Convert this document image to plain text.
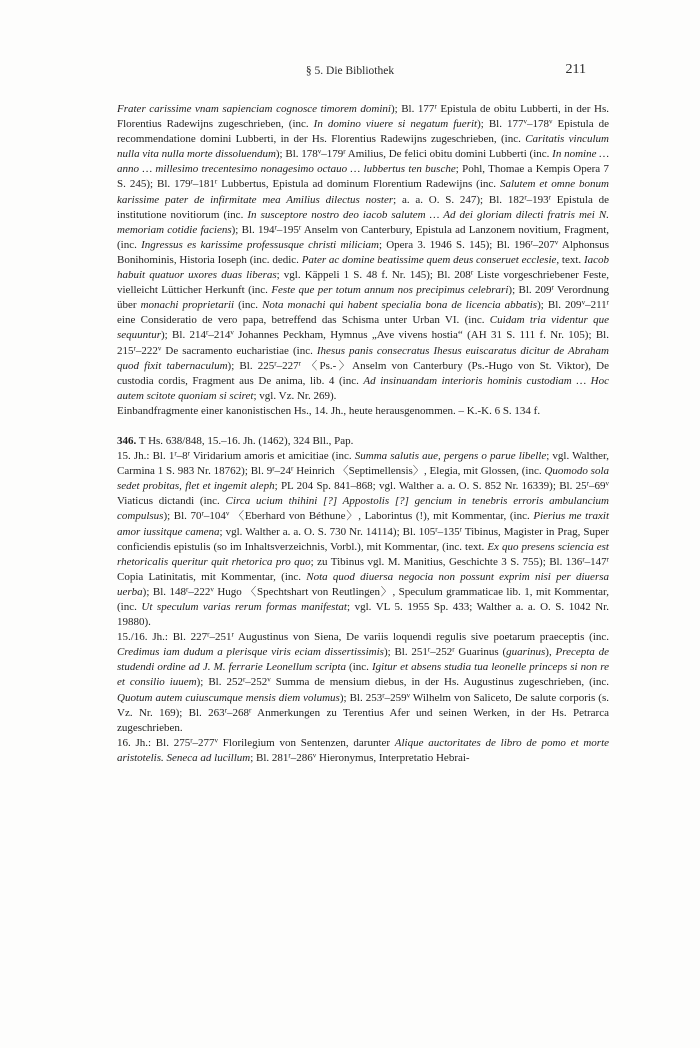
§ 5. Die Bibliothek	211

Frater carissime vnam sapienciam cognosce timorem domini); Bl. 177$^r$ Epistula de obitu Lubberti, in der Hs. Florentius Radewijns zugeschrieben, (inc. In domino viuere si negatum fuerit); Bl. 177$^v$–178$^v$ Epistula de recommendatione domini Lubberti, in der Hs. Florentius Radewijns zugeschrieben, (inc. Caritatis vinculum nulla vita nulla morte dissoluendum); Bl. 178$^v$–179$^r$ Amilius, De felici obitu domini Lubberti (inc. In nomine … anno … millesimo trecentesimo nonagesimo octauo … lubbertus ten busche; Pohl, Thomae a Kempis Opera 7 S. 245); Bl. 179$^r$–181$^r$ Lubbertus, Epistula ad dominum Florentium Radewijns (inc. Salutem et omne bonum karissime pater de infirmitate mea Amilius dilectus noster; a. a. O. S. 247); Bl. 182$^r$–193$^r$ Epistula de institutione novitiorum (inc. In susceptore nostro deo iacob salutem … Ad dei gloriam dilecti fratris mei N. memoriam cotidie faciens); Bl. 194$^r$–195$^r$ Anselm von Canterbury, Epistula ad Lanzonem novitium, Fragment, (inc. Ingressus es karissime professusque christi miliciam; Opera 3. 1946 S. 145); Bl. 196$^r$–207$^v$ Alphonsus Bonihominis, Historia Ioseph (inc. dedic. Pater ac domine beatissime quem deus conseruet ecclesie, text. Iacob habuit quatuor uxores duas liberas; vgl. Käppeli 1 S. 48 f. Nr. 145); Bl. 208$^r$ Liste vorgeschriebener Feste, vielleicht Lütticher Herkunft (inc. Feste que per totum annum nos precipimus celebrari); Bl. 209$^r$ Verordnung über monachi proprietarii (inc. Nota monachi qui habent specialia bona de licencia abbatis); Bl. 209$^v$–211$^r$ eine Consideratio de vero papa, betreffend das Schisma unter Urban VI. (inc. Cuidam tria videntur que sequuntur); Bl. 214$^r$–214$^v$ Johannes Peckham, Hymnus „Ave vivens hostia“ (AH 31 S. 111 f. Nr. 105); Bl. 215$^r$–222$^v$ De sacramento eucharistiae (inc. Ihesus panis consecratus Ihesus euiscaratus dicitur de Abraham quod fixit tabernaculum); Bl. 225$^r$–227$^r$ 〈Ps.-〉Anselm von Canterbury (Ps.-Hugo von St. Viktor), De custodia cordis, Fragment aus De anima, lib. 4 (inc. Ad insinuandam interioris hominis custodiam … Hoc autem scitote quoniam si sciret; vgl. Vz. Nr. 269).

Einbandfragmente einer kanonistischen Hs., 14. Jh., heute herausgenommen. – K.-K. 6 S. 134 f.

346. T Hs. 638/848, 15.–16. Jh. (1462), 324 Bll., Pap.

15. Jh.: Bl. 1$^r$–8$^r$ Viridarium amoris et amicitiae (inc. Summa salutis aue, pergens o parue libelle; vgl. Walther, Carmina 1 S. 983 Nr. 18762); Bl. 9$^r$–24$^r$ Heinrich 〈Septimellensis〉, Elegia, mit Glossen, (inc. Quomodo sola sedet probitas, flet et ingemit aleph; PL 204 Sp. 841–868; vgl. Walther a. a. O. S. 852 Nr. 16339); Bl. 25$^r$–69$^v$ Viaticus dictandi (inc. Circa ucium thihini [?] Appostolis [?] gencium in tenebris erroris ambulancium compulsus); Bl. 70$^r$–104$^v$ 〈Eberhard von Béthune〉, Laborintus (!), mit Kommentar, (inc. Pierius me traxit amor iussitque camena; vgl. Walther a. a. O. S. 730 Nr. 14114); Bl. 105$^r$–135$^r$ Tibinus, Magister in Prag, Super conficiendis epistulis (so im Inhaltsverzeichnis, Vorbl.), mit Kommentar, (inc. text. Ex quo presens sciencia est rhetoricalis queritur quit rhetorica pro quo; zu Tibinus vgl. M. Manitius, Geschichte 3 S. 755); Bl. 136$^r$–147$^r$ Copia Latinitatis, mit Kommentar, (inc. Nota quod diuersa negocia non possunt exprim nisi per diuersa uerba); Bl. 148$^r$–222$^v$ Hugo 〈Spechtshart von Reutlingen〉, Speculum grammaticae lib. 1, mit Kommentar, (inc. Ut speculum varias rerum formas manifestat; vgl. VL 5. 1955 Sp. 433; Walther a. a. O. S. 1042 Nr. 19880).

15./16. Jh.: Bl. 227$^r$–251$^r$ Augustinus von Siena, De variis loquendi regulis sive poetarum praeceptis (inc. Credimus iam dudum a plerisque viris eciam dissertissimis); Bl. 251$^r$–252$^r$ Guarinus (guarinus), Precepta de studendi ordine ad J. M. ferrarie Leonellum scripta (inc. Igitur et absens studia tua leonelle princeps si non re et consilio iuuem); Bl. 252$^r$–252$^v$ Summa de mensium diebus, in der Hs. Augustinus zugeschrieben, (inc. Quotum autem cuiuscumque mensis diem volumus); Bl. 253$^r$–259$^v$ Wilhelm von Saliceto, De salute corporis (s. Vz. Nr. 169); Bl. 263$^r$–268$^r$ Anmerkungen zu Terentius Afer und seinen Werken, in der Hs. Petrarca zugeschrieben.

16. Jh.: Bl. 275$^r$–277$^v$ Florilegium von Sentenzen, darunter Alique auctoritates de libro de pomo et morte aristotelis. Seneca ad lucillum; Bl. 281$^r$–286$^v$ Hieronymus, Interpretatio Hebrai-
